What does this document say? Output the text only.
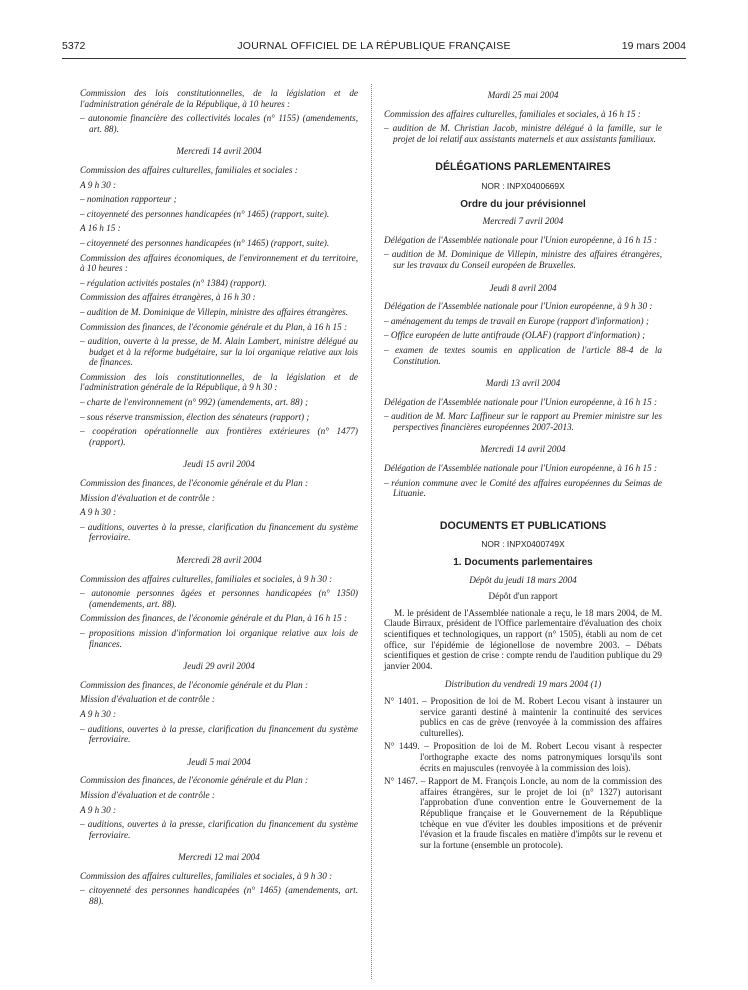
5372	JOURNAL OFFICIEL DE LA RÉPUBLIQUE FRANÇAISE	19 mars 2004

Commission des lois constitutionnelles, de la législation et de l'administration générale de la République, à 10 heures :

– autonomie financière des collectivités locales (n° 1155) (amendements, art. 88).

Mercredi 14 avril 2004

Commission des affaires culturelles, familiales et sociales :

A 9 h 30 :

– nomination rapporteur ;

– citoyenneté des personnes handicapées (n° 1465) (rapport, suite).

A 16 h 15 :

– citoyenneté des personnes handicapées (n° 1465) (rapport, suite).

Commission des affaires économiques, de l'environnement et du territoire, à 10 heures :

– régulation activités postales (n° 1384) (rapport).

Commission des affaires étrangères, à 16 h 30 :

– audition de M. Dominique de Villepin, ministre des affaires étrangères.

Commission des finances, de l'économie générale et du Plan, à 16 h 15 :

– audition, ouverte à la presse, de M. Alain Lambert, ministre délégué au budget et à la réforme budgétaire, sur la loi organique relative aux lois de finances.

Commission des lois constitutionnelles, de la législation et de l'administration générale de la République, à 9 h 30 :

– charte de l'environnement (n° 992) (amendements, art. 88) ;

– sous réserve transmission, élection des sénateurs (rapport) ;

– coopération opérationnelle aux frontières extérieures (n° 1477) (rapport).

Jeudi 15 avril 2004

Commission des finances, de l'économie générale et du Plan :

Mission d'évaluation et de contrôle :

A 9 h 30 :

– auditions, ouvertes à la presse, clarification du financement du système ferroviaire.

Mercredi 28 avril 2004

Commission des affaires culturelles, familiales et sociales, à 9 h 30 :

– autonomie personnes âgées et personnes handicapées (n° 1350) (amendements, art. 88).

Commission des finances, de l'économie générale et du Plan, à 16 h 15 :

– propositions mission d'information loi organique relative aux lois de finances.

Jeudi 29 avril 2004

Commission des finances, de l'économie générale et du Plan :

Mission d'évaluation et de contrôle :

A 9 h 30 :

– auditions, ouvertes à la presse, clarification du financement du système ferroviaire.

Jeudi 5 mai 2004

Commission des finances, de l'économie générale et du Plan :

Mission d'évaluation et de contrôle :

A 9 h 30 :

– auditions, ouvertes à la presse, clarification du financement du système ferroviaire.

Mercredi 12 mai 2004

Commission des affaires culturelles, familiales et sociales, à 9 h 30 :

– citoyenneté des personnes handicapées (n° 1465) (amendements, art. 88).

Mardi 25 mai 2004

Commission des affaires culturelles, familiales et sociales, à 16 h 15 :

– audition de M. Christian Jacob, ministre délégué à la famille, sur le projet de loi relatif aux assistants maternels et aux assistants familiaux.

DÉLÉGATIONS PARLEMENTAIRES

NOR : INPX0400669X

Ordre du jour prévisionnel

Mercredi 7 avril 2004

Délégation de l'Assemblée nationale pour l'Union européenne, à 16 h 15 :

– audition de M. Dominique de Villepin, ministre des affaires étrangères, sur les travaux du Conseil européen de Bruxelles.

Jeudi 8 avril 2004

Délégation de l'Assemblée nationale pour l'Union européenne, à 9 h 30 :

– aménagement du temps de travail en Europe (rapport d'information) ;

– Office européen de lutte antifraude (OLAF) (rapport d'information) ;

– examen de textes soumis en application de l'article 88-4 de la Constitution.

Mardi 13 avril 2004

Délégation de l'Assemblée nationale pour l'Union européenne, à 16 h 15 :

– audition de M. Marc Laffineur sur le rapport au Premier ministre sur les perspectives financières européennes 2007-2013.

Mercredi 14 avril 2004

Délégation de l'Assemblée nationale pour l'Union européenne, à 16 h 15 :

– réunion commune avec le Comité des affaires européennes du Seimas de Lituanie.

DOCUMENTS ET PUBLICATIONS

NOR : INPX0400749X

1. Documents parlementaires

Dépôt du jeudi 18 mars 2004

Dépôt d'un rapport

M. le président de l'Assemblée nationale a reçu, le 18 mars 2004, de M. Claude Birraux, président de l'Office parlementaire d'évaluation des choix scientifiques et technologiques, un rapport (n° 1505), établi au nom de cet office, sur l'épidémie de légionellose de novembre 2003. – Débats scientifiques et gestion de crise : compte rendu de l'audition publique du 29 janvier 2004.

Distribution du vendredi 19 mars 2004 (1)

N° 1401. – Proposition de loi de M. Robert Lecou visant à instaurer un service garanti destiné à maintenir la continuité des services publics en cas de grève (renvoyée à la commission des affaires culturelles).

N° 1449. – Proposition de loi de M. Robert Lecou visant à respecter l'orthographe exacte des noms patronymiques lorsqu'ils sont écrits en majuscules (renvoyée à la commission des lois).

N° 1467. – Rapport de M. François Loncle, au nom de la commission des affaires étrangères, sur le projet de loi (n° 1327) autorisant l'approbation d'une convention entre le Gouvernement de la République française et le Gouvernement de la République tchèque en vue d'éviter les doubles impositions et de prévenir l'évasion et la fraude fiscales en matière d'impôts sur le revenu et sur la fortune (ensemble un protocole).
